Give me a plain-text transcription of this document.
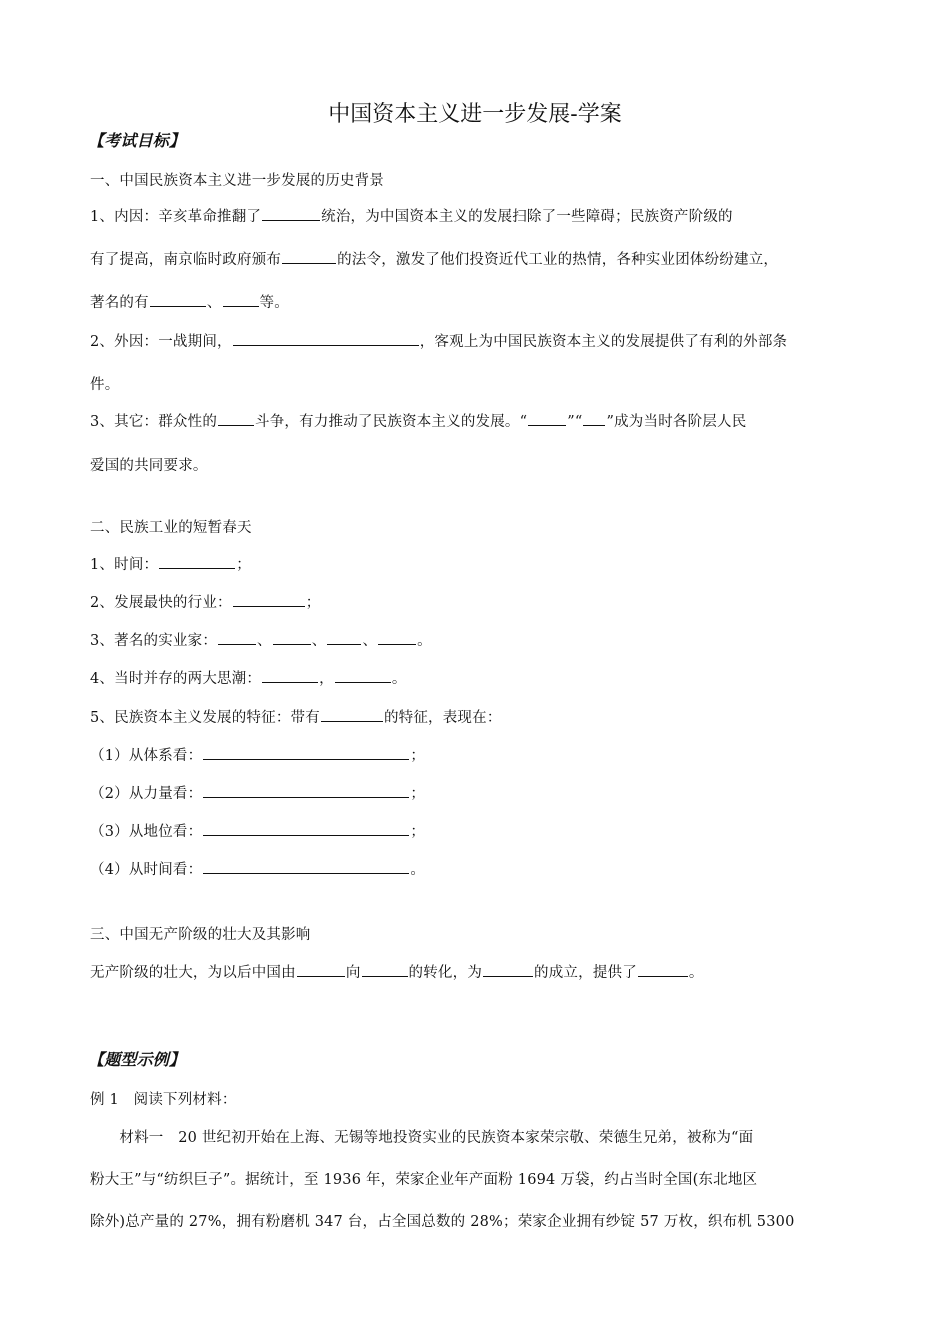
中国资本主义进一步发展-学案
【考试目标】
一、中国民族资本主义进一步发展的历史背景
1、内因：辛亥革命推翻了	统治，为中国资本主义的发展扫除了一些障碍；民族资产阶级的
有了提高，南京临时政府颁布	的法令，激发了他们投资近代工业的热情，各种实业团体纷纷建立，
著名的有	、	等。
2、外因：一战期间，	，客观上为中国民族资本主义的发展提供了有利的外部条
件。
3、其它：群众性的	斗争，有力推动了民族资本主义的发展。“	”“ ”成为当时各阶层人民
爱国的共同要求。
二、民族工业的短暂春天
1、时间：	；
2、发展最快的行业：	；
3、著名的实业家：	、	、 、	。
4、当时并存的两大思潮：	，	。
5、民族资本主义发展的特征：带有	的特征，表现在：
（1）从体系看：	；
（2）从力量看：	；
（3）从地位看：	；
（4）从时间看：	。
三、中国无产阶级的壮大及其影响
无产阶级的壮大，为以后中国由	向	的转化，为	的成立，提供了	。
【题型示例】
例 1　阅读下列材料：
　　材料一　20 世纪初开始在上海、无锡等地投资实业的民族资本家荣宗敬、荣德生兄弟，被称为“面
粉大王”与“纺织巨子”。据统计，至 1936 年，荣家企业年产面粉 1694 万袋，约占当时全国(东北地区
除外)总产量的 27%，拥有粉磨机 347 台，占全国总数的 28%；荣家企业拥有纱锭 57 万枚，织布机 5300
